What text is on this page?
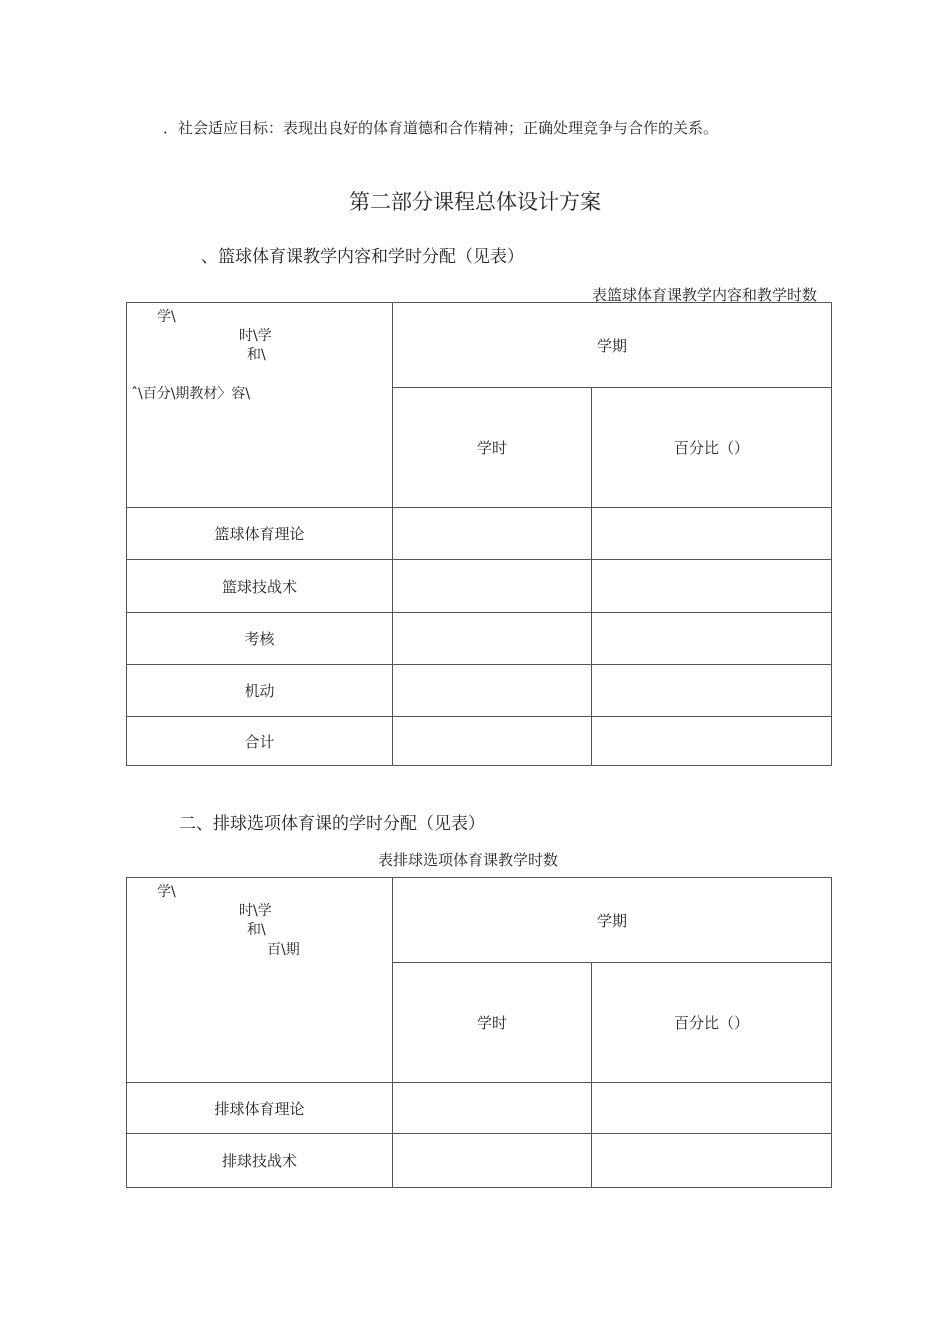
．社会适应目标：表现出良好的体育道德和合作精神；正确处理竞争与合作的关系。
第二部分课程总体设计方案
、篮球体育课教学内容和学时分配（见表）
表篮球体育课教学内容和教学时数
学\
时\学
和\
ˆ\百分\期教材〉容\	学期	
	学时	百分比（）
篮球体育理论		
篮球技战术		
考核		
机动		
合计		
二、排球选项体育课的学时分配（见表）
表排球选项体育课教学时数
学\
时\学
和\
百\期	学期	
	学时	百分比（）
排球体育理论		
排球技战术		
